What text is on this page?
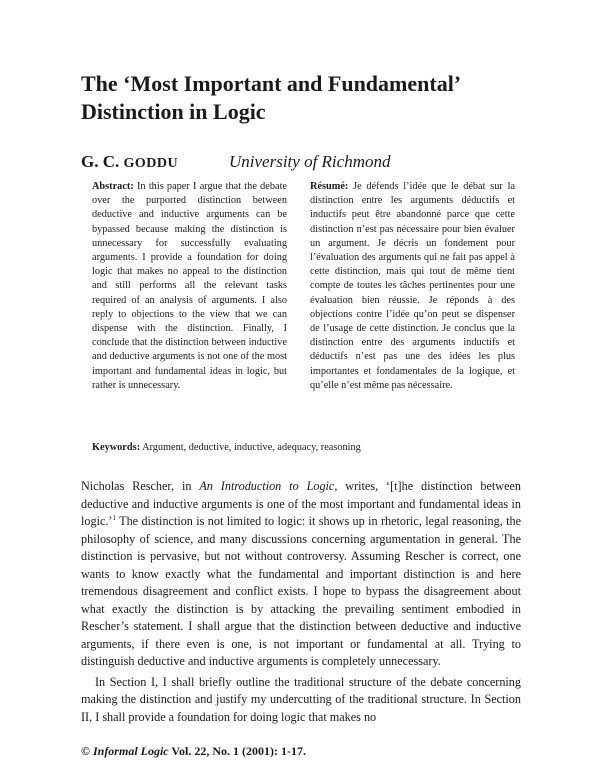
The ‘Most Important and Fundamental’
Distinction in Logic
G. C. GODDU	University of Richmond
Abstract: In this paper I argue that the debate over the purported distinction between deductive and inductive arguments can be bypassed because making the distinction is unnecessary for successfully evaluating arguments. I provide a foundation for doing logic that makes no appeal to the distinction and still performs all the relevant tasks required of an analysis of arguments. I also reply to objections to the view that we can dispense with the distinction. Finally, I conclude that the distinction between inductive and deductive arguments is not one of the most important and fundamental ideas in logic, but rather is unnecessary.
Résumé: Je défends l’idée que le débat sur la distinction entre les arguments déductifs et inductifs peut être abandonné parce que cette distinction n’est pas nécessaire pour bien évaluer un argument. Je décris un fondement pour l’évaluation des arguments qui ne fait pas appel à cette distinction, mais qui tout de même tient compte de toutes les tâches pertinentes pour une évaluation bien réussie. Je réponds à des objections contre l’idée qu’on peut se dispenser de l’usage de cette distinction. Je conclus que la distinction entre des arguments inductifs et déductifs n’est pas une des idées les plus importantes et fondamentales de la logique, et qu’elle n’est même pas nécessaire.
Keywords: Argument, deductive, inductive, adequacy, reasoning

Nicholas Rescher, in An Introduction to Logic, writes, ‘[t]he distinction between deductive and inductive arguments is one of the most important and fundamental ideas in logic.’$^1$ The distinction is not limited to logic: it shows up in rhetoric, legal reasoning, the philosophy of science, and many discussions concerning argumentation in general. The distinction is pervasive, but not without controversy. Assuming Rescher is correct, one wants to know exactly what the fundamental and important distinction is and here tremendous disagreement and conflict exists. I hope to bypass the disagreement about what exactly the distinction is by attacking the prevailing sentiment embodied in Rescher’s statement. I shall argue that the distinction between deductive and inductive arguments, if there even is one, is not important or fundamental at all. Trying to distinguish deductive and inductive arguments is completely unnecessary.

In Section I, I shall briefly outline the traditional structure of the debate concerning making the distinction and justify my undercutting of the traditional structure. In Section II, I shall provide a foundation for doing logic that makes no

© Informal Logic Vol. 22, No. 1 (2001): 1-17.
